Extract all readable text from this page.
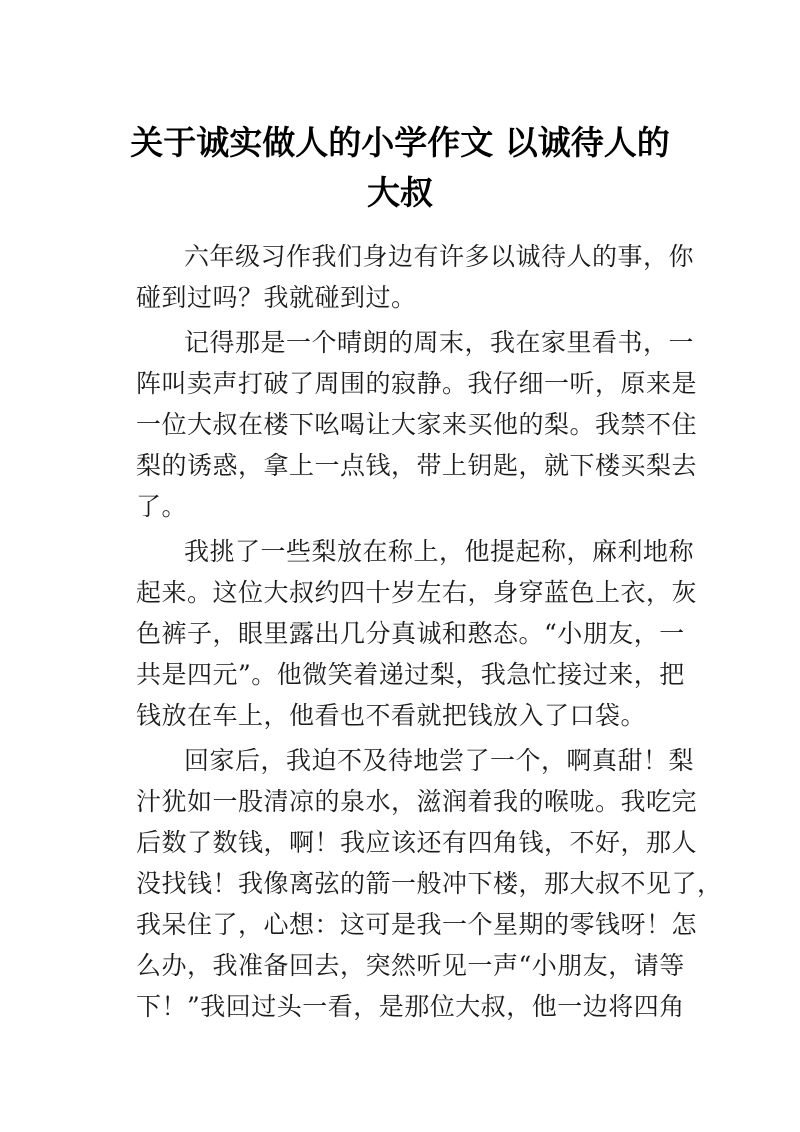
关于诚实做人的小学作文 以诚待人的
大叔
六年级习作我们身边有许多以诚待人的事，你
碰到过吗？我就碰到过。
记得那是一个晴朗的周末，我在家里看书，一
阵叫卖声打破了周围的寂静。我仔细一听，原来是
一位大叔在楼下吆喝让大家来买他的梨。我禁不住
梨的诱惑，拿上一点钱，带上钥匙，就下楼买梨去
了。
我挑了一些梨放在称上，他提起称，麻利地称
起来。这位大叔约四十岁左右，身穿蓝色上衣，灰
色裤子，眼里露出几分真诚和憨态。“小朋友，一
共是四元”。他微笑着递过梨，我急忙接过来，把
钱放在车上，他看也不看就把钱放入了口袋。
回家后，我迫不及待地尝了一个，啊真甜！梨
汁犹如一股清凉的泉水，滋润着我的喉咙。我吃完
后数了数钱，啊！我应该还有四角钱，不好，那人
没找钱！我像离弦的箭一般冲下楼，那大叔不见了，
我呆住了，心想：这可是我一个星期的零钱呀！怎
么办，我准备回去，突然听见一声“小朋友，请等
下！”我回过头一看，是那位大叔，他一边将四角
